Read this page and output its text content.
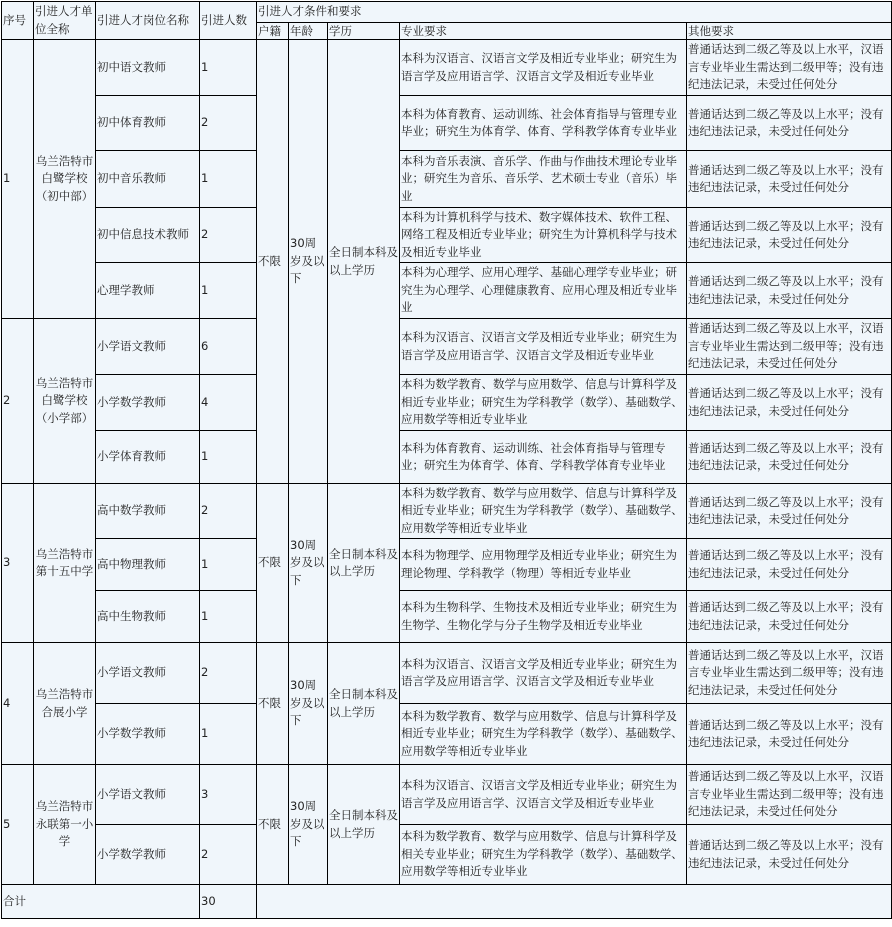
序号	引进人才单位全称	引进人才岗位名称	引进人数	引进人才条件和要求				
				户籍	年龄	学历	专业要求	其他要求
1	乌兰浩特市白鹭学校（初中部）	初中语文教师	1	不限	30周岁及以下	全日制本科及以上学历	本科为汉语言、汉语言文学及相近专业毕业；研究生为语言学及应用语言学、汉语言文学及相近专业毕业	普通话达到二级乙等及以上水平，汉语言专业毕业生需达到二级甲等；没有违纪违法记录，未受过任何处分
		初中体育教师	2				本科为体育教育、运动训练、社会体育指导与管理专业毕业；研究生为体育学、体育、学科教学体育专业毕业	普通话达到二级乙等及以上水平；没有违纪违法记录，未受过任何处分
		初中音乐教师	1				本科为音乐表演、音乐学、作曲与作曲技术理论专业毕业；研究生为音乐、音乐学、艺术硕士专业（音乐）毕业	普通话达到二级乙等及以上水平；没有违纪违法记录，未受过任何处分
		初中信息技术教师	2				本科为计算机科学与技术、数字媒体技术、软件工程、网络工程及相近专业毕业；研究生为计算机科学与技术及相近专业毕业	普通话达到二级乙等及以上水平；没有违纪违法记录，未受过任何处分
		心理学教师	1				本科为心理学、应用心理学、基础心理学专业毕业；研究生为心理学、心理健康教育、应用心理及相近专业毕业	普通话达到二级乙等及以上水平；没有违纪违法记录，未受过任何处分
2	乌兰浩特市白鹭学校（小学部）	小学语文教师	6				本科为汉语言、汉语言文学及相近专业毕业；研究生为语言学及应用语言学、汉语言文学及相近专业毕业	普通话达到二级乙等及以上水平，汉语言专业毕业生需达到二级甲等；没有违纪违法记录，未受过任何处分
		小学数学教师	4				本科为数学教育、数学与应用数学、信息与计算科学及相近专业毕业；研究生为学科教学（数学）、基础数学、应用数学等相近专业毕业	普通话达到二级乙等及以上水平；没有违纪违法记录，未受过任何处分
		小学体育教师	1				本科为体育教育、运动训练、社会体育指导与管理专业；研究生为体育学、体育、学科教学体育专业毕业	普通话达到二级乙等及以上水平；没有违纪违法记录，未受过任何处分
3	乌兰浩特市第十五中学	高中数学教师	2	不限	30周岁及以下	全日制本科及以上学历	本科为数学教育、数学与应用数学、信息与计算科学及相近专业毕业；研究生为学科教学（数学）、基础数学、应用数学等相近专业毕业	普通话达到二级乙等及以上水平；没有违纪违法记录，未受过任何处分
		高中物理教师	1				本科为物理学、应用物理学及相近专业毕业；研究生为理论物理、学科教学（物理）等相近专业毕业	普通话达到二级乙等及以上水平；没有违纪违法记录，未受过任何处分
		高中生物教师	1				本科为生物科学、生物技术及相近专业毕业；研究生为生物学、生物化学与分子生物学及相近专业毕业	普通话达到二级乙等及以上水平；没有违纪违法记录，未受过任何处分
4	乌兰浩特市合展小学	小学语文教师	2	不限	30周岁及以下	全日制本科及以上学历	本科为汉语言、汉语言文学及相近专业毕业；研究生为语言学及应用语言学、汉语言文学及相近专业毕业	普通话达到二级乙等及以上水平，汉语言专业毕业生需达到二级甲等；没有违纪违法记录，未受过任何处分
		小学数学教师	1				本科为数学教育、数学与应用数学、信息与计算科学及相近专业毕业；研究生为学科教学（数学）、基础数学、应用数学等相近专业毕业	普通话达到二级乙等及以上水平；没有违纪违法记录，未受过任何处分
5	乌兰浩特市永联第一小学	小学语文教师	3	不限	30周岁及以下	全日制本科及以上学历	本科为汉语言、汉语言文学及相近专业毕业；研究生为语言学及应用语言学、汉语言文学及相近专业毕业	普通话达到二级乙等及以上水平，汉语言专业毕业生需达到二级甲等；没有违纪违法记录，未受过任何处分
		小学数学教师	2				本科为数学教育、数学与应用数学、信息与计算科学及相关专业毕业；研究生为学科教学（数学）、基础数学、应用数学等相近专业毕业	普通话达到二级乙等及以上水平；没有违纪违法记录，未受过任何处分
合计			30					
